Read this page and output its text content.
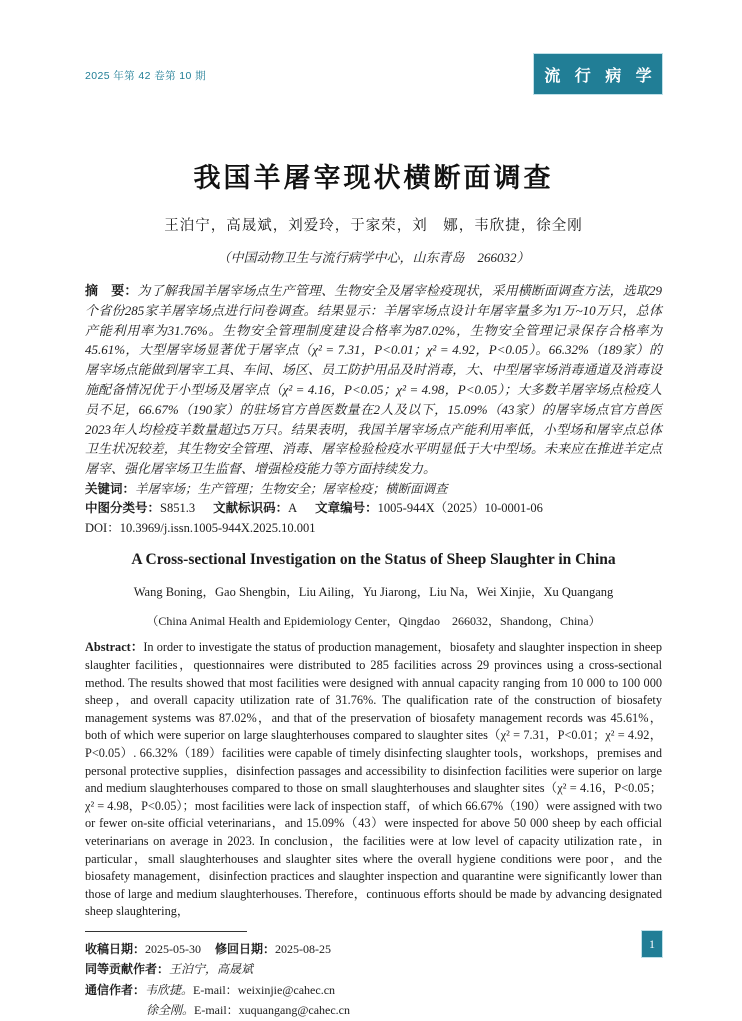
2025 年第 42 卷第 10 期	流 行 病 学
我国羊屠宰现状横断面调查
王泊宁，高晟斌，刘爱玲，于家荣，刘　娜，韦欣捷，徐全刚
（中国动物卫生与流行病学中心，山东青岛　266032）

摘　要：为了解我国羊屠宰场点生产管理、生物安全及屠宰检疫现状，采用横断面调查方法，选取29个省份285家羊屠宰场点进行问卷调查。结果显示：羊屠宰场点设计年屠宰量多为1万~10万只，总体产能利用率为31.76%。生物安全管理制度建设合格率为87.02%，生物安全管理记录保存合格率为45.61%，大型屠宰场显著优于屠宰点（χ² = 7.31，P<0.01；χ² = 4.92，P<0.05）。66.32%（189家）的屠宰场点能做到屠宰工具、车间、场区、员工防护用品及时消毒，大、中型屠宰场消毒通道及消毒设施配备情况优于小型场及屠宰点（χ² = 4.16，P<0.05；χ² = 4.98，P<0.05）；大多数羊屠宰场点检疫人员不足，66.67%（190家）的驻场官方兽医数量在2人及以下，15.09%（43家）的屠宰场点官方兽医2023年人均检疫羊数量超过5万只。结果表明，我国羊屠宰场点产能利用率低，小型场和屠宰点总体卫生状况较差，其生物安全管理、消毒、屠宰检验检疫水平明显低于大中型场。未来应在推进羊定点屠宰、强化屠宰场卫生监督、增强检疫能力等方面持续发力。

关键词：羊屠宰场；生产管理；生物安全；屠宰检疫；横断面调查

中图分类号：S851.3 文献标识码：A 文章编号：1005-944X（2025）10-0001-06

DOI：10.3969/j.issn.1005-944X.2025.10.001

A Cross-sectional Investigation on the Status of Sheep Slaughter in China
Wang Boning，Gao Shengbin，Liu Ailing，Yu Jiarong，Liu Na，Wei Xinjie，Xu Quangang
（China Animal Health and Epidemiology Center，Qingdao　266032，Shandong，China）

Abstract：In order to investigate the status of production management，biosafety and slaughter inspection in sheep slaughter facilities，questionnaires were distributed to 285 facilities across 29 provinces using a cross-sectional method. The results showed that most facilities were designed with annual capacity ranging from 10 000 to 100 000 sheep，and overall capacity utilization rate of 31.76%. The qualification rate of the construction of biosafety management systems was 87.02%，and that of the preservation of biosafety management records was 45.61%，both of which were superior on large slaughterhouses compared to slaughter sites（χ² = 7.31，P<0.01；χ² = 4.92，P<0.05）. 66.32%（189）facilities were capable of timely disinfecting slaughter tools，workshops，premises and personal protective supplies，disinfection passages and accessibility to disinfection facilities were superior on large and medium slaughterhouses compared to those on small slaughterhouses and slaughter sites（χ² = 4.16，P<0.05；χ² = 4.98，P<0.05）；most facilities were lack of inspection staff，of which 66.67%（190）were assigned with two or fewer on-site official veterinarians，and 15.09%（43）were inspected for above 50 000 sheep by each official veterinarians on average in 2023. In conclusion，the facilities were at low level of capacity utilization rate，in particular，small slaughterhouses and slaughter sites where the overall hygiene conditions were poor，and the biosafety management，disinfection practices and slaughter inspection and quarantine were significantly lower than those of large and medium slaughterhouses. Therefore，continuous efforts should be made by advancing designated sheep slaughtering，

收稿日期：2025-05-30 修回日期：2025-08-25

同等贡献作者：王泊宁，高晟斌

通信作者：韦欣捷。E-mail：weixinjie@cahec.cn

徐全刚。E-mail：xuquangang@cahec.cn

1
